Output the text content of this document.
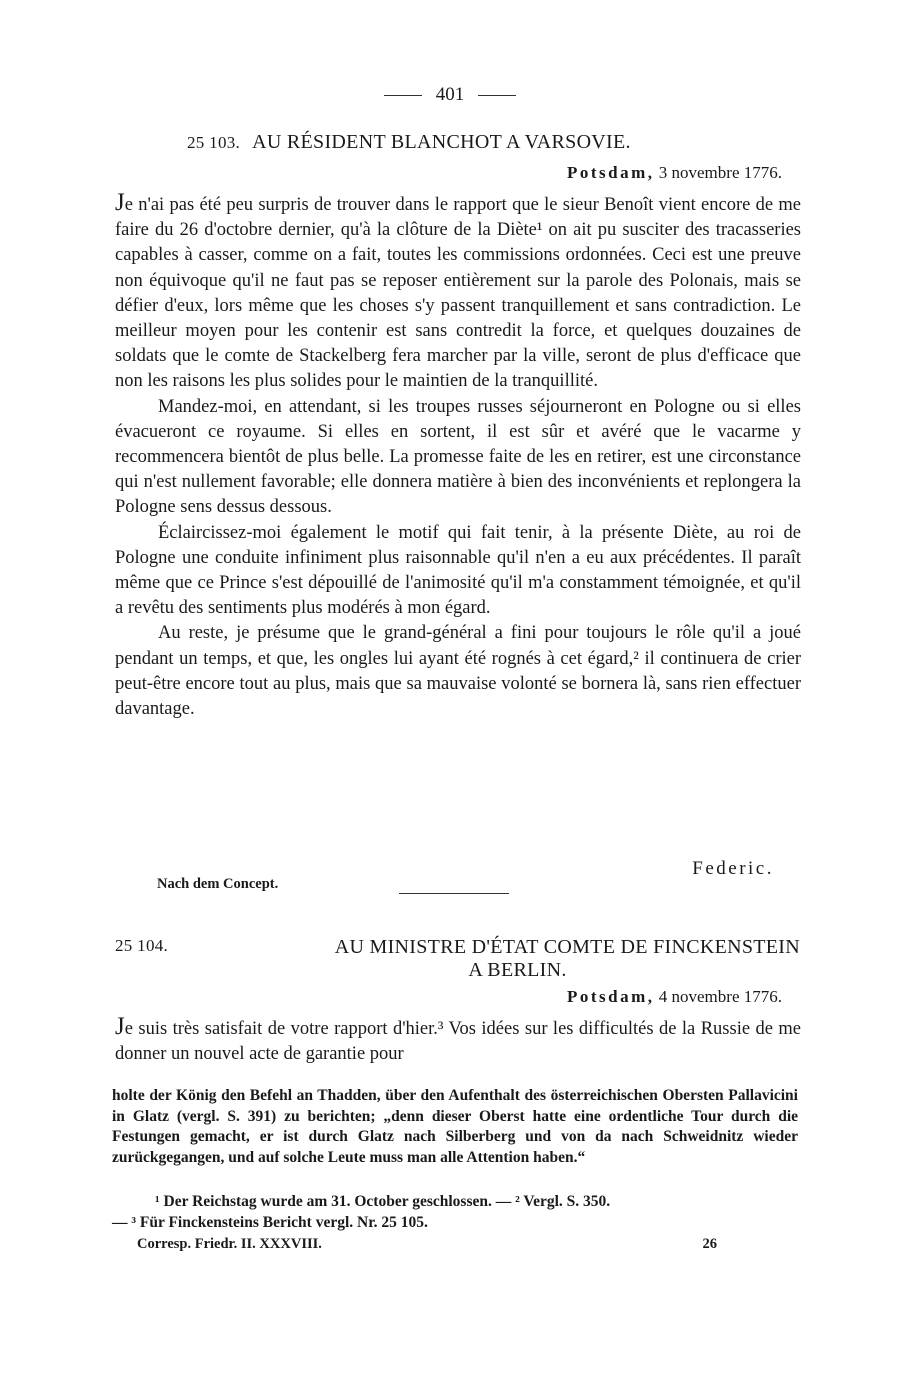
401
25 103. AU RÉSIDENT BLANCHOT A VARSOVIE.
Potsdam, 3 novembre 1776.

Je n'ai pas été peu surpris de trouver dans le rapport que le sieur Benoît vient encore de me faire du 26 d'octobre dernier, qu'à la clôture de la Diète¹ on ait pu susciter des tracasseries capables à casser, comme on a fait, toutes les commissions ordonnées. Ceci est une preuve non équivoque qu'il ne faut pas se reposer entièrement sur la parole des Polonais, mais se défier d'eux, lors même que les choses s'y passent tranquillement et sans contradiction. Le meilleur moyen pour les contenir est sans contredit la force, et quelques douzaines de soldats que le comte de Stackelberg fera marcher par la ville, seront de plus d'efficace que non les raisons les plus solides pour le maintien de la tranquillité.

Mandez-moi, en attendant, si les troupes russes séjourneront en Pologne ou si elles évacueront ce royaume. Si elles en sortent, il est sûr et avéré que le vacarme y recommencera bientôt de plus belle. La promesse faite de les en retirer, est une circonstance qui n'est nullement favorable; elle donnera matière à bien des inconvénients et replongera la Pologne sens dessus dessous.

Éclaircissez-moi également le motif qui fait tenir, à la présente Diète, au roi de Pologne une conduite infiniment plus raisonnable qu'il n'en a eu aux précédentes. Il paraît même que ce Prince s'est dépouillé de l'animosité qu'il m'a constamment témoignée, et qu'il a revêtu des sentiments plus modérés à mon égard.

Au reste, je présume que le grand-général a fini pour toujours le rôle qu'il a joué pendant un temps, et que, les ongles lui ayant été rognés à cet égard,² il continuera de crier peut-être encore tout au plus, mais que sa mauvaise volonté se bornera là, sans rien effectuer davantage.

Federic.
Nach dem Concept.
25 104.	AU MINISTRE D'ÉTAT COMTE DE FINCKENSTEIN
A BERLIN.
Potsdam, 4 novembre 1776.

Je suis très satisfait de votre rapport d'hier.³ Vos idées sur les difficultés de la Russie de me donner un nouvel acte de garantie pour

holte der König den Befehl an Thadden, über den Aufenthalt des österreichischen Obersten Pallavicini in Glatz (vergl. S. 391) zu berichten; „denn dieser Oberst hatte eine ordentliche Tour durch die Festungen gemacht, er ist durch Glatz nach Silberberg und von da nach Schweidnitz wieder zurückgegangen, und auf solche Leute muss man alle Attention haben.“

¹ Der Reichstag wurde am 31. October geschlossen. — ² Vergl. S. 350.

— ³ Für Finckensteins Bericht vergl. Nr. 25 105.

Corresp. Friedr. II. XXXVIII.	26
